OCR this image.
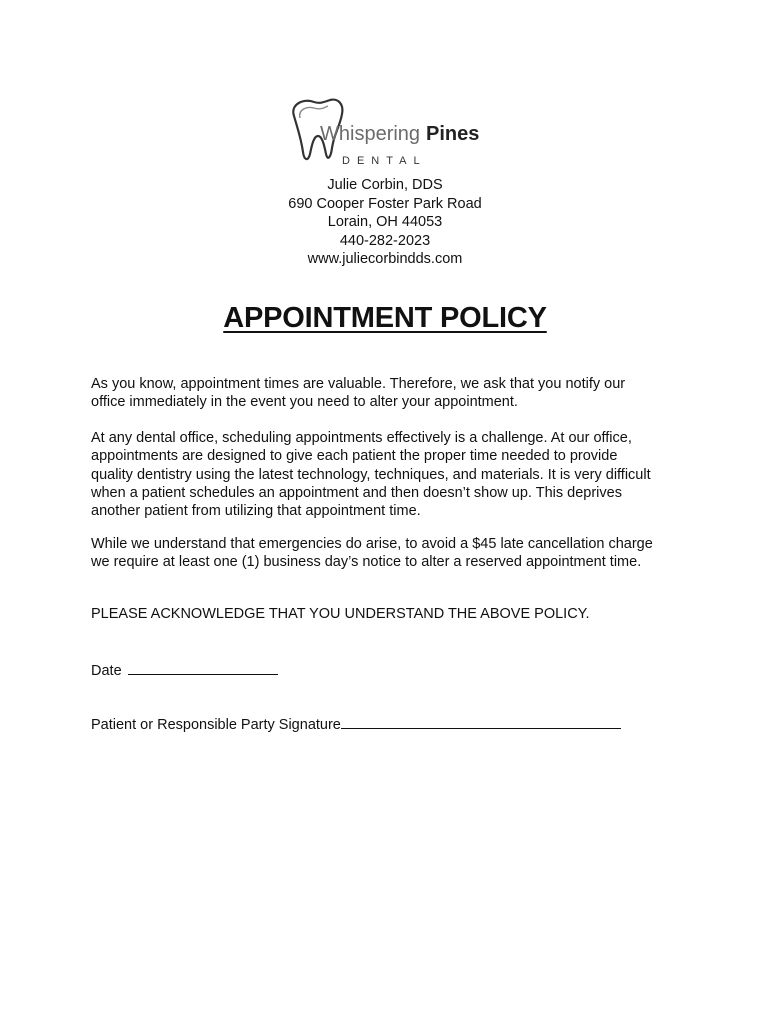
Whispering Pines
DENTAL
Julie Corbin, DDS
690 Cooper Foster Park Road
Lorain, OH 44053
440-282-2023
www.juliecorbindds.com
APPOINTMENT POLICY
As you know, appointment times are valuable. Therefore, we ask that you notify our
office immediately in the event you need to alter your appointment.
At any dental office, scheduling appointments effectively is a challenge. At our office,
appointments are designed to give each patient the proper time needed to provide
quality dentistry using the latest technology, techniques, and materials. It is very difficult
when a patient schedules an appointment and then doesn’t show up. This deprives
another patient from utilizing that appointment time.
While we understand that emergencies do arise, to avoid a $45 late cancellation charge
we require at least one (1) business day’s notice to alter a reserved appointment time.
PLEASE ACKNOWLEDGE THAT YOU UNDERSTAND THE ABOVE POLICY.
Date
Patient or Responsible Party Signature
